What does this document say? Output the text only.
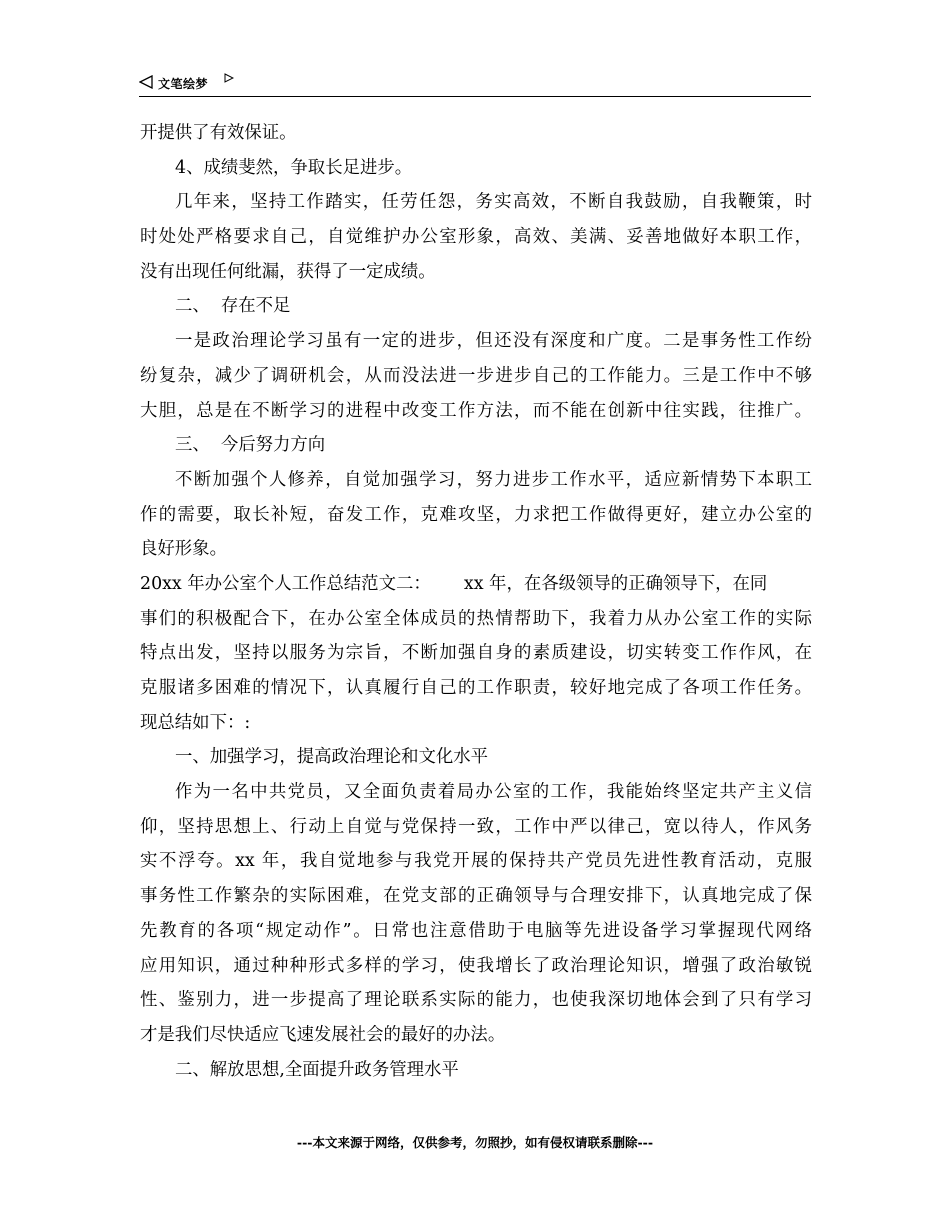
文笔绘梦
开提供了有效保证。
4、成绩斐然，争取长足进步。
几年来，坚持工作踏实，任劳任怨，务实高效，不断自我鼓励，自我鞭策，时
时处处严格要求自己，自觉维护办公室形象，高效、美满、妥善地做好本职工作，
没有出现任何纰漏，获得了一定成绩。
二、  存在不足
一是政治理论学习虽有一定的进步，但还没有深度和广度。二是事务性工作纷
纷复杂，减少了调研机会，从而没法进一步进步自己的工作能力。三是工作中不够
大胆，总是在不断学习的进程中改变工作方法，而不能在创新中往实践，往推广。
三、  今后努力方向
不断加强个人修养，自觉加强学习，努力进步工作水平，适应新情势下本职工
作的需要，取长补短，奋发工作，克难攻坚，力求把工作做得更好，建立办公室的
良好形象。
20xx 年办公室个人工作总结范文二：      xx 年，在各级领导的正确领导下，在同
事们的积极配合下，在办公室全体成员的热情帮助下，我着力从办公室工作的实际
特点出发，坚持以服务为宗旨，不断加强自身的素质建设，切实转变工作作风，在
克服诸多困难的情况下，认真履行自己的工作职责，较好地完成了各项工作任务。
现总结如下：:
一、加强学习，提高政治理论和文化水平
作为一名中共党员，又全面负责着局办公室的工作，我能始终坚定共产主义信
仰，坚持思想上、行动上自觉与党保持一致，工作中严以律己，宽以待人，作风务
实不浮夸。xx 年，我自觉地参与我党开展的保持共产党员先进性教育活动，克服
事务性工作繁杂的实际困难，在党支部的正确领导与合理安排下，认真地完成了保
先教育的各项“规定动作”。日常也注意借助于电脑等先进设备学习掌握现代网络
应用知识，通过种种形式多样的学习，使我增长了政治理论知识，增强了政治敏锐
性、鉴别力，进一步提高了理论联系实际的能力，也使我深切地体会到了只有学习
才是我们尽快适应飞速发展社会的最好的办法。
二、解放思想,全面提升政务管理水平
---本文来源于网络，仅供参考，勿照抄，如有侵权请联系删除---
